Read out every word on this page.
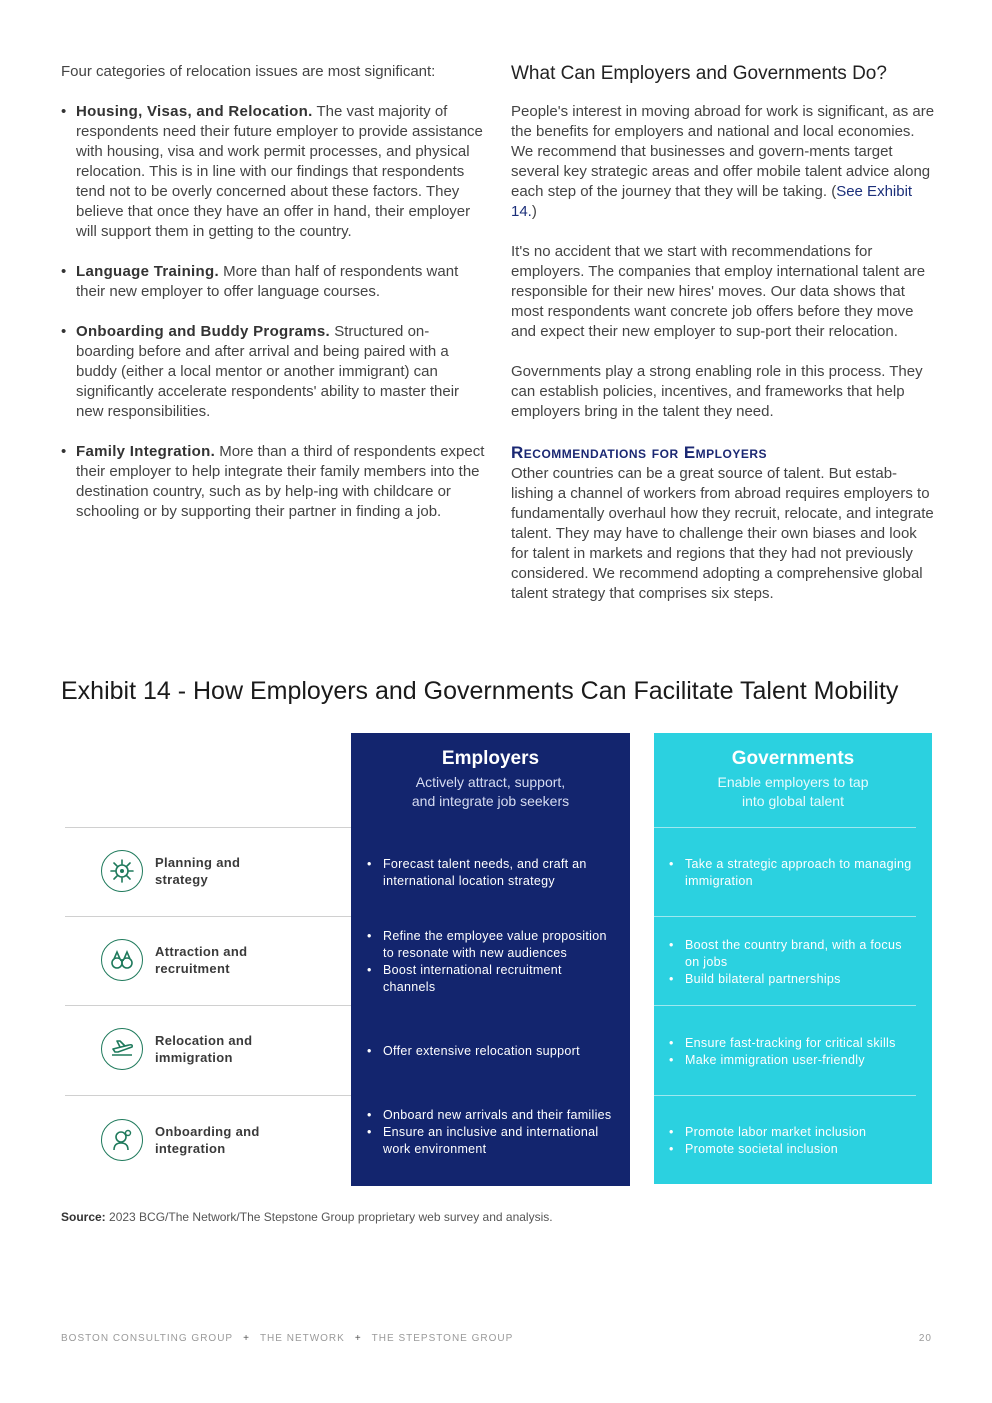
Four categories of relocation issues are most significant:

• Housing, Visas, and Relocation. The vast majority of respondents need their future employer to provide assistance with housing, visa and work permit processes, and physical relocation. This is in line with our findings that respondents tend not to be overly concerned about these factors. They believe that once they have an offer in hand, their employer will support them in getting to the country.
• Language Training. More than half of respondents want their new employer to offer language courses.
• Onboarding and Buddy Programs. Structured on-boarding before and after arrival and being paired with a buddy (either a local mentor or another immigrant) can significantly accelerate respondents' ability to master their new responsibilities.
• Family Integration. More than a third of respondents expect their employer to help integrate their family members into the destination country, such as by help-ing with childcare or schooling or by supporting their partner in finding a job.
What Can Employers and Governments Do?

People's interest in moving abroad for work is significant, as are the benefits for employers and national and local economies. We recommend that businesses and govern-ments target several key strategic areas and offer mobile talent advice along each step of the journey that they will be taking. (See Exhibit 14.)

It's no accident that we start with recommendations for employers. The companies that employ international talent are responsible for their new hires' moves. Our data shows that most respondents want concrete job offers before they move and expect their new employer to sup-port their relocation.

Governments play a strong enabling role in this process. They can establish policies, incentives, and frameworks that help employers bring in the talent they need.

Recommendations for Employers

Other countries can be a great source of talent. But estab-lishing a channel of workers from abroad requires employers to fundamentally overhaul how they recruit, relocate, and integrate talent. They may have to challenge their own biases and look for talent in markets and regions that they had not previously considered. We recommend adopting a comprehensive global talent strategy that comprises six steps.

Exhibit 14 - How Employers and Governments Can Facilitate Talent Mobility
Employers
Actively attract, support,
and integrate job seekers
Governments
Enable employers to tap
into global talent
Planning and
strategy
• Forecast talent needs, and craft an international location strategy
• Take a strategic approach to managing immigration
Attraction and
recruitment
• Refine the employee value proposition to resonate with new audiences
• Boost international recruitment channels
• Boost the country brand, with a focus on jobs
• Build bilateral partnerships
Relocation and
immigration
•	Offer extensive relocation support
• Ensure fast-tracking for critical skills
• Make immigration user-friendly
Onboarding and
integration
• Onboard new arrivals and their families
• Ensure an inclusive and international work environment
• Promote labor market inclusion
• Promote societal inclusion
Source: 2023 BCG/The Network/The Stepstone Group proprietary web survey and analysis.
BOSTON CONSULTING GROUP + THE NETWORK + THE STEPSTONE GROUP	20
